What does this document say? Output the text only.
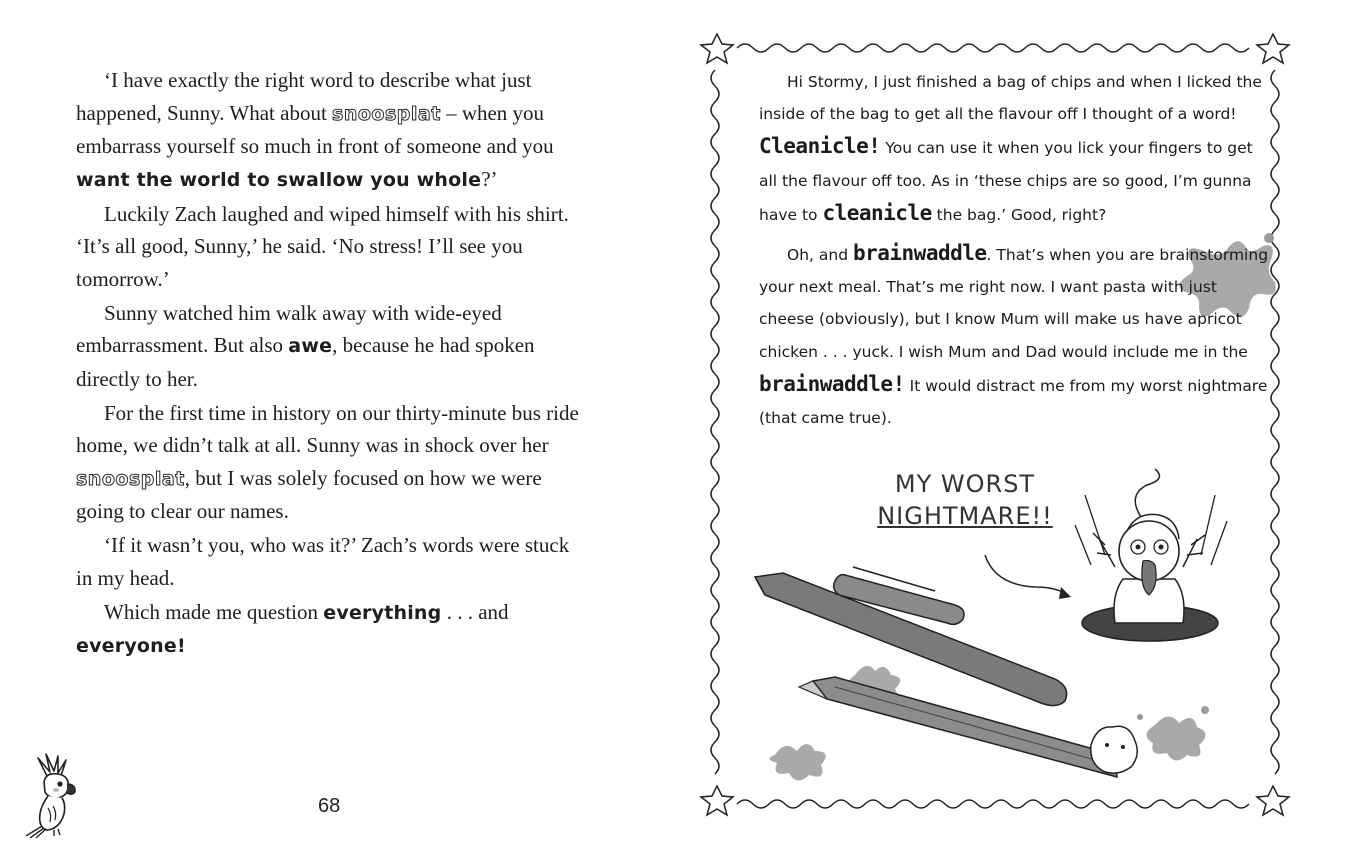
‘I have exactly the right word to describe what just happened, Sunny. What about snoosplat – when you embarrass yourself so much in front of someone and you want the world to swallow you whole?’

Luckily Zach laughed and wiped himself with his shirt. ‘It’s all good, Sunny,’ he said. ‘No stress! I’ll see you tomorrow.’

Sunny watched him walk away with wide-eyed embarrassment. But also awe, because he had spoken directly to her.

For the first time in history on our thirty-minute bus ride home, we didn’t talk at all. Sunny was in shock over her snoosplat, but I was solely focused on how we were going to clear our names.

‘If it wasn’t you, who was it?’ Zach’s words were stuck in my head.

Which made me question everything . . . and everyone!

68

Hi Stormy, I just finished a bag of chips and when I licked the inside of the bag to get all the flavour off I thought of a word! Cleanicle! You can use it when you lick your fingers to get all the flavour off too. As in ‘these chips are so good, I’m gunna have to cleanicle the bag.’ Good, right?

Oh, and brainwaddle. That’s when you are brainstorming your next meal. That’s me right now. I want pasta with just cheese (obviously), but I know Mum will make us have apricot chicken . . . yuck. I wish Mum and Dad would include me in the brainwaddle! It would distract me from my worst nightmare (that came true).

MY WORST
NIGHTMARE!!
